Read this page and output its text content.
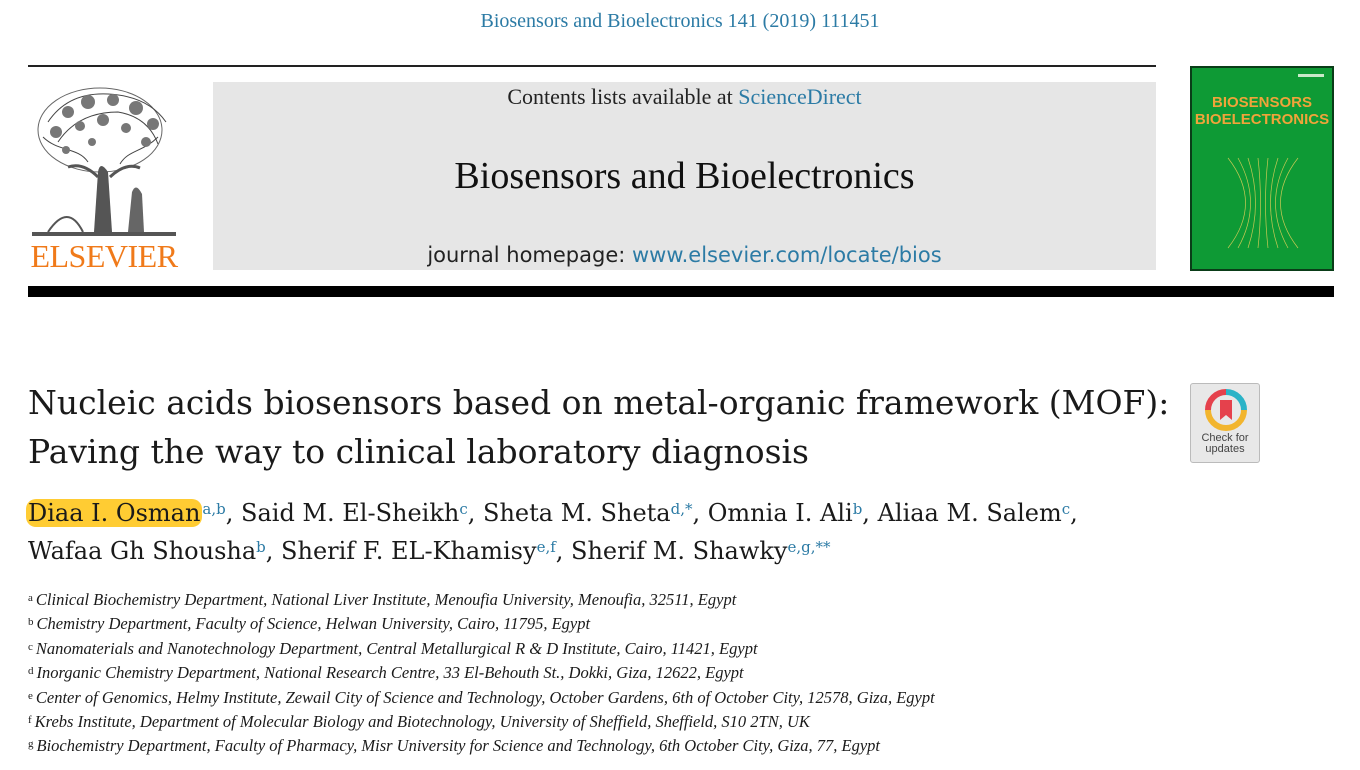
Biosensors and Bioelectronics 141 (2019) 111451
ELSEVIER
Contents lists available at ScienceDirect
Biosensors and Bioelectronics
journal homepage: www.elsevier.com/locate/bios
BIOSENSORS
BIOELECTRONICS
Nucleic acids biosensors based on metal-organic framework (MOF): Paving the way to clinical laboratory diagnosis	Check for
updates
Diaa I. Osman $^{a,b}$, Said M. El-Sheikh$^c$, Sheta M. Sheta$^{d,*}$, Omnia I. Ali$^b$, Aliaa M. Salem$^c$,
Wafaa Gh Shousha$^b$, Sherif F. EL-Khamisy$^{e,f}$, Sherif M. Shawky$^{e,g,**}$
$^a$ Clinical Biochemistry Department, National Liver Institute, Menoufia University, Menoufia, 32511, Egypt
$^b$ Chemistry Department, Faculty of Science, Helwan University, Cairo, 11795, Egypt
$^c$ Nanomaterials and Nanotechnology Department, Central Metallurgical R & D Institute, Cairo, 11421, Egypt
$^d$ Inorganic Chemistry Department, National Research Centre, 33 El-Behouth St., Dokki, Giza, 12622, Egypt
$^e$ Center of Genomics, Helmy Institute, Zewail City of Science and Technology, October Gardens, 6th of October City, 12578, Giza, Egypt
$^f$ Krebs Institute, Department of Molecular Biology and Biotechnology, University of Sheffield, Sheffield, S10 2TN, UK
$^g$ Biochemistry Department, Faculty of Pharmacy, Misr University for Science and Technology, 6th October City, Giza, 77, Egypt
